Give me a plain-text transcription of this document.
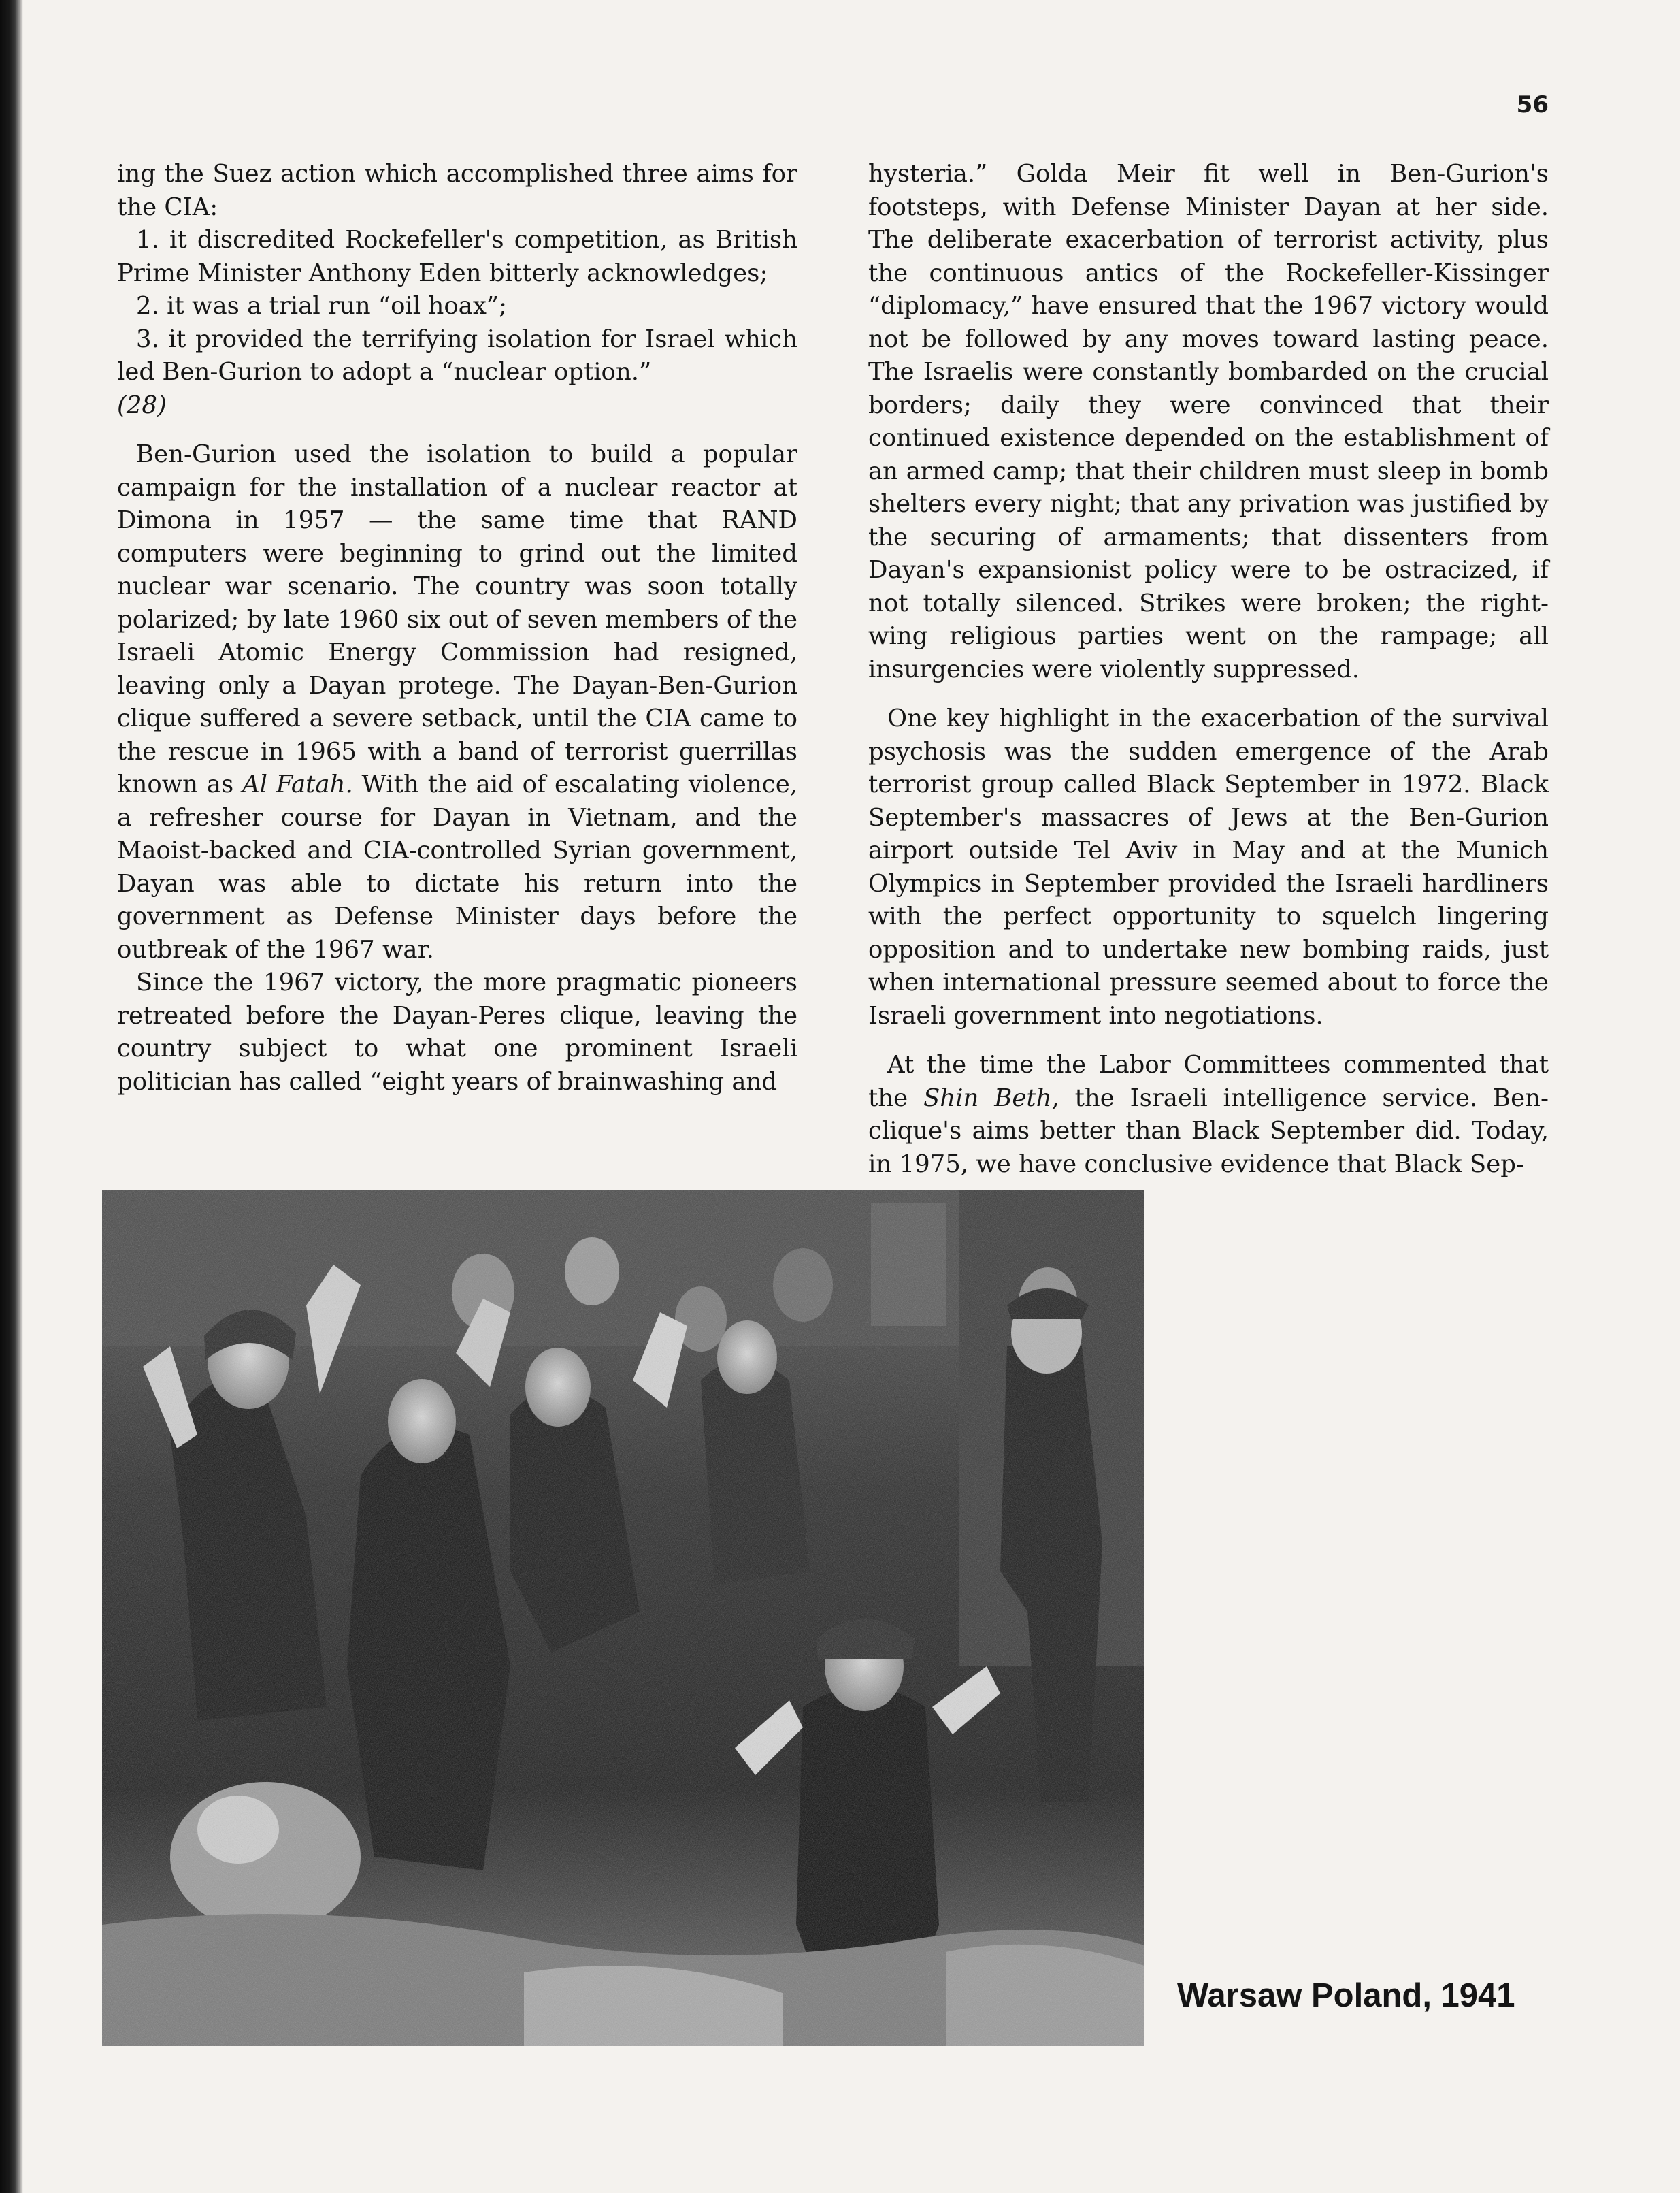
56

ing the Suez action which accomplished three aims for the CIA:

1. it discredited Rockefeller's competition, as British Prime Minister Anthony Eden bitterly acknowledges;

2. it was a trial run “oil hoax”;

3. it provided the terrifying isolation for Israel which led Ben-Gurion to adopt a “nuclear option.”

(28)

Ben-Gurion used the isolation to build a popular campaign for the installation of a nuclear reactor at Dimona in 1957 — the same time that RAND computers were beginning to grind out the limited nuclear war scenario. The country was soon totally polarized; by late 1960 six out of seven members of the Israeli Atomic Energy Commission had resigned, leaving only a Dayan protege. The Dayan-Ben-Gurion clique suffered a severe setback, until the CIA came to the rescue in 1965 with a band of terrorist guerrillas known as Al Fatah. With the aid of escalating violence, a refresher course for Dayan in Vietnam, and the Maoist-backed and CIA-controlled Syrian government, Dayan was able to dictate his return into the government as Defense Minister days before the outbreak of the 1967 war.

Since the 1967 victory, the more pragmatic pioneers retreated before the Dayan-Peres clique, leaving the country subject to what one prominent Israeli politician has called “eight years of brainwashing and

hysteria.” Golda Meir fit well in Ben-Gurion's footsteps, with Defense Minister Dayan at her side. The deliberate exacerbation of terrorist activity, plus the continuous antics of the Rockefeller-Kissinger “diplomacy,” have ensured that the 1967 victory would not be followed by any moves toward lasting peace. The Israelis were constantly bombarded on the crucial borders; daily they were convinced that their continued existence depended on the establishment of an armed camp; that their children must sleep in bomb shelters every night; that any privation was justified by the securing of armaments; that dissenters from Dayan's expansionist policy were to be ostracized, if not totally silenced. Strikes were broken; the right-wing religious parties went on the rampage; all insurgencies were violently suppressed.

One key highlight in the exacerbation of the survival psychosis was the sudden emergence of the Arab terrorist group called Black September in 1972. Black September's massacres of Jews at the Ben-Gurion airport outside Tel Aviv in May and at the Munich Olympics in September provided the Israeli hardliners with the perfect opportunity to squelch lingering opposition and to undertake new bombing raids, just when international pressure seemed about to force the Israeli government into negotiations.

At the time the Labor Committees commented that the Shin Beth, the Israeli intelligence service. Ben-clique's aims better than Black September did. Today, in 1975, we have conclusive evidence that Black Sep-

Warsaw Poland, 1941
